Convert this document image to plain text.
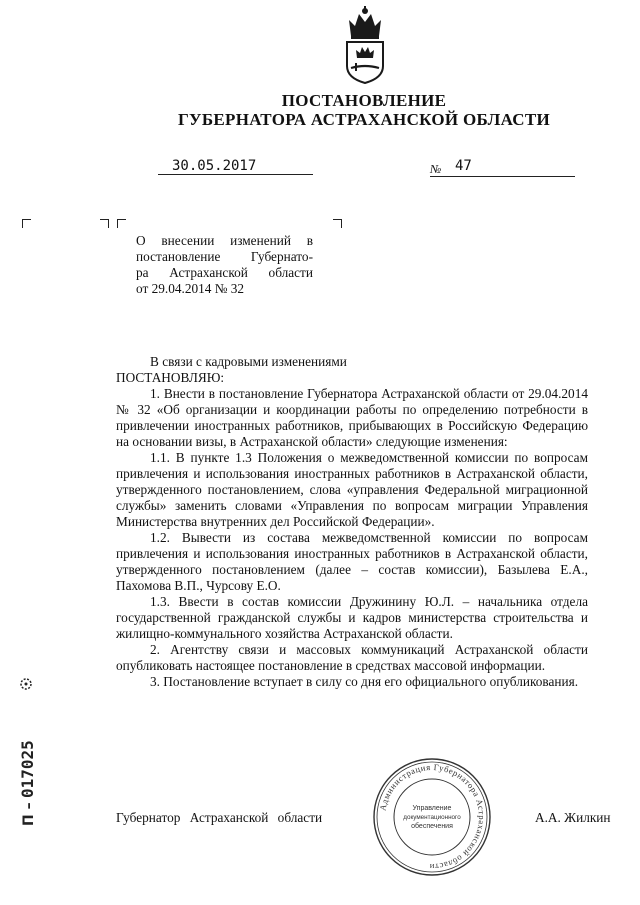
ПОСТАНОВЛЕНИЕ
ГУБЕРНАТОРА АСТРАХАНСКОЙ ОБЛАСТИ
30.05.2017	№ 47
О внесении изменений в
постановление Губернато-
ра Астраханской области
от 29.04.2014 № 32

В связи с кадровыми изменениями

ПОСТАНОВЛЯЮ:

1. Внести в постановление Губернатора Астраханской области от 29.04.2014 № 32 «Об организации и координации работы по определению потребности в привлечении иностранных работников, прибывающих в Российскую Федерацию на основании визы, в Астраханской области» следующие изменения:

1.1. В пункте 1.3 Положения о межведомственной комиссии по вопросам привлечения и использования иностранных работников в Астраханской области, утвержденного постановлением, слова «управления Федеральной миграционной службы» заменить словами «Управления по вопросам миграции Управления Министерства внутренних дел Российской Федерации».

1.2. Вывести из состава межведомственной комиссии по вопросам привлечения и использования иностранных работников в Астраханской области, утвержденного постановлением (далее – состав комиссии), Базылева Е.А., Пахомова В.П., Чурсову Е.О.

1.3. Ввести в состав комиссии Дружинину Ю.Л. – начальника отдела государственной гражданской службы и кадров министерства строительства и жилищно-коммунального хозяйства Астраханской области.

2. Агентству связи и массовых коммуникаций Астраханской области опубликовать настоящее постановление в средствах массовой информации.

3. Постановление вступает в силу со дня его официального опубликования.

Губернатор Астраханской области	А.А. Жилкин
Администрация Губернатора Астраханской области
Управление
документационного
обеспечения
017025
П –
